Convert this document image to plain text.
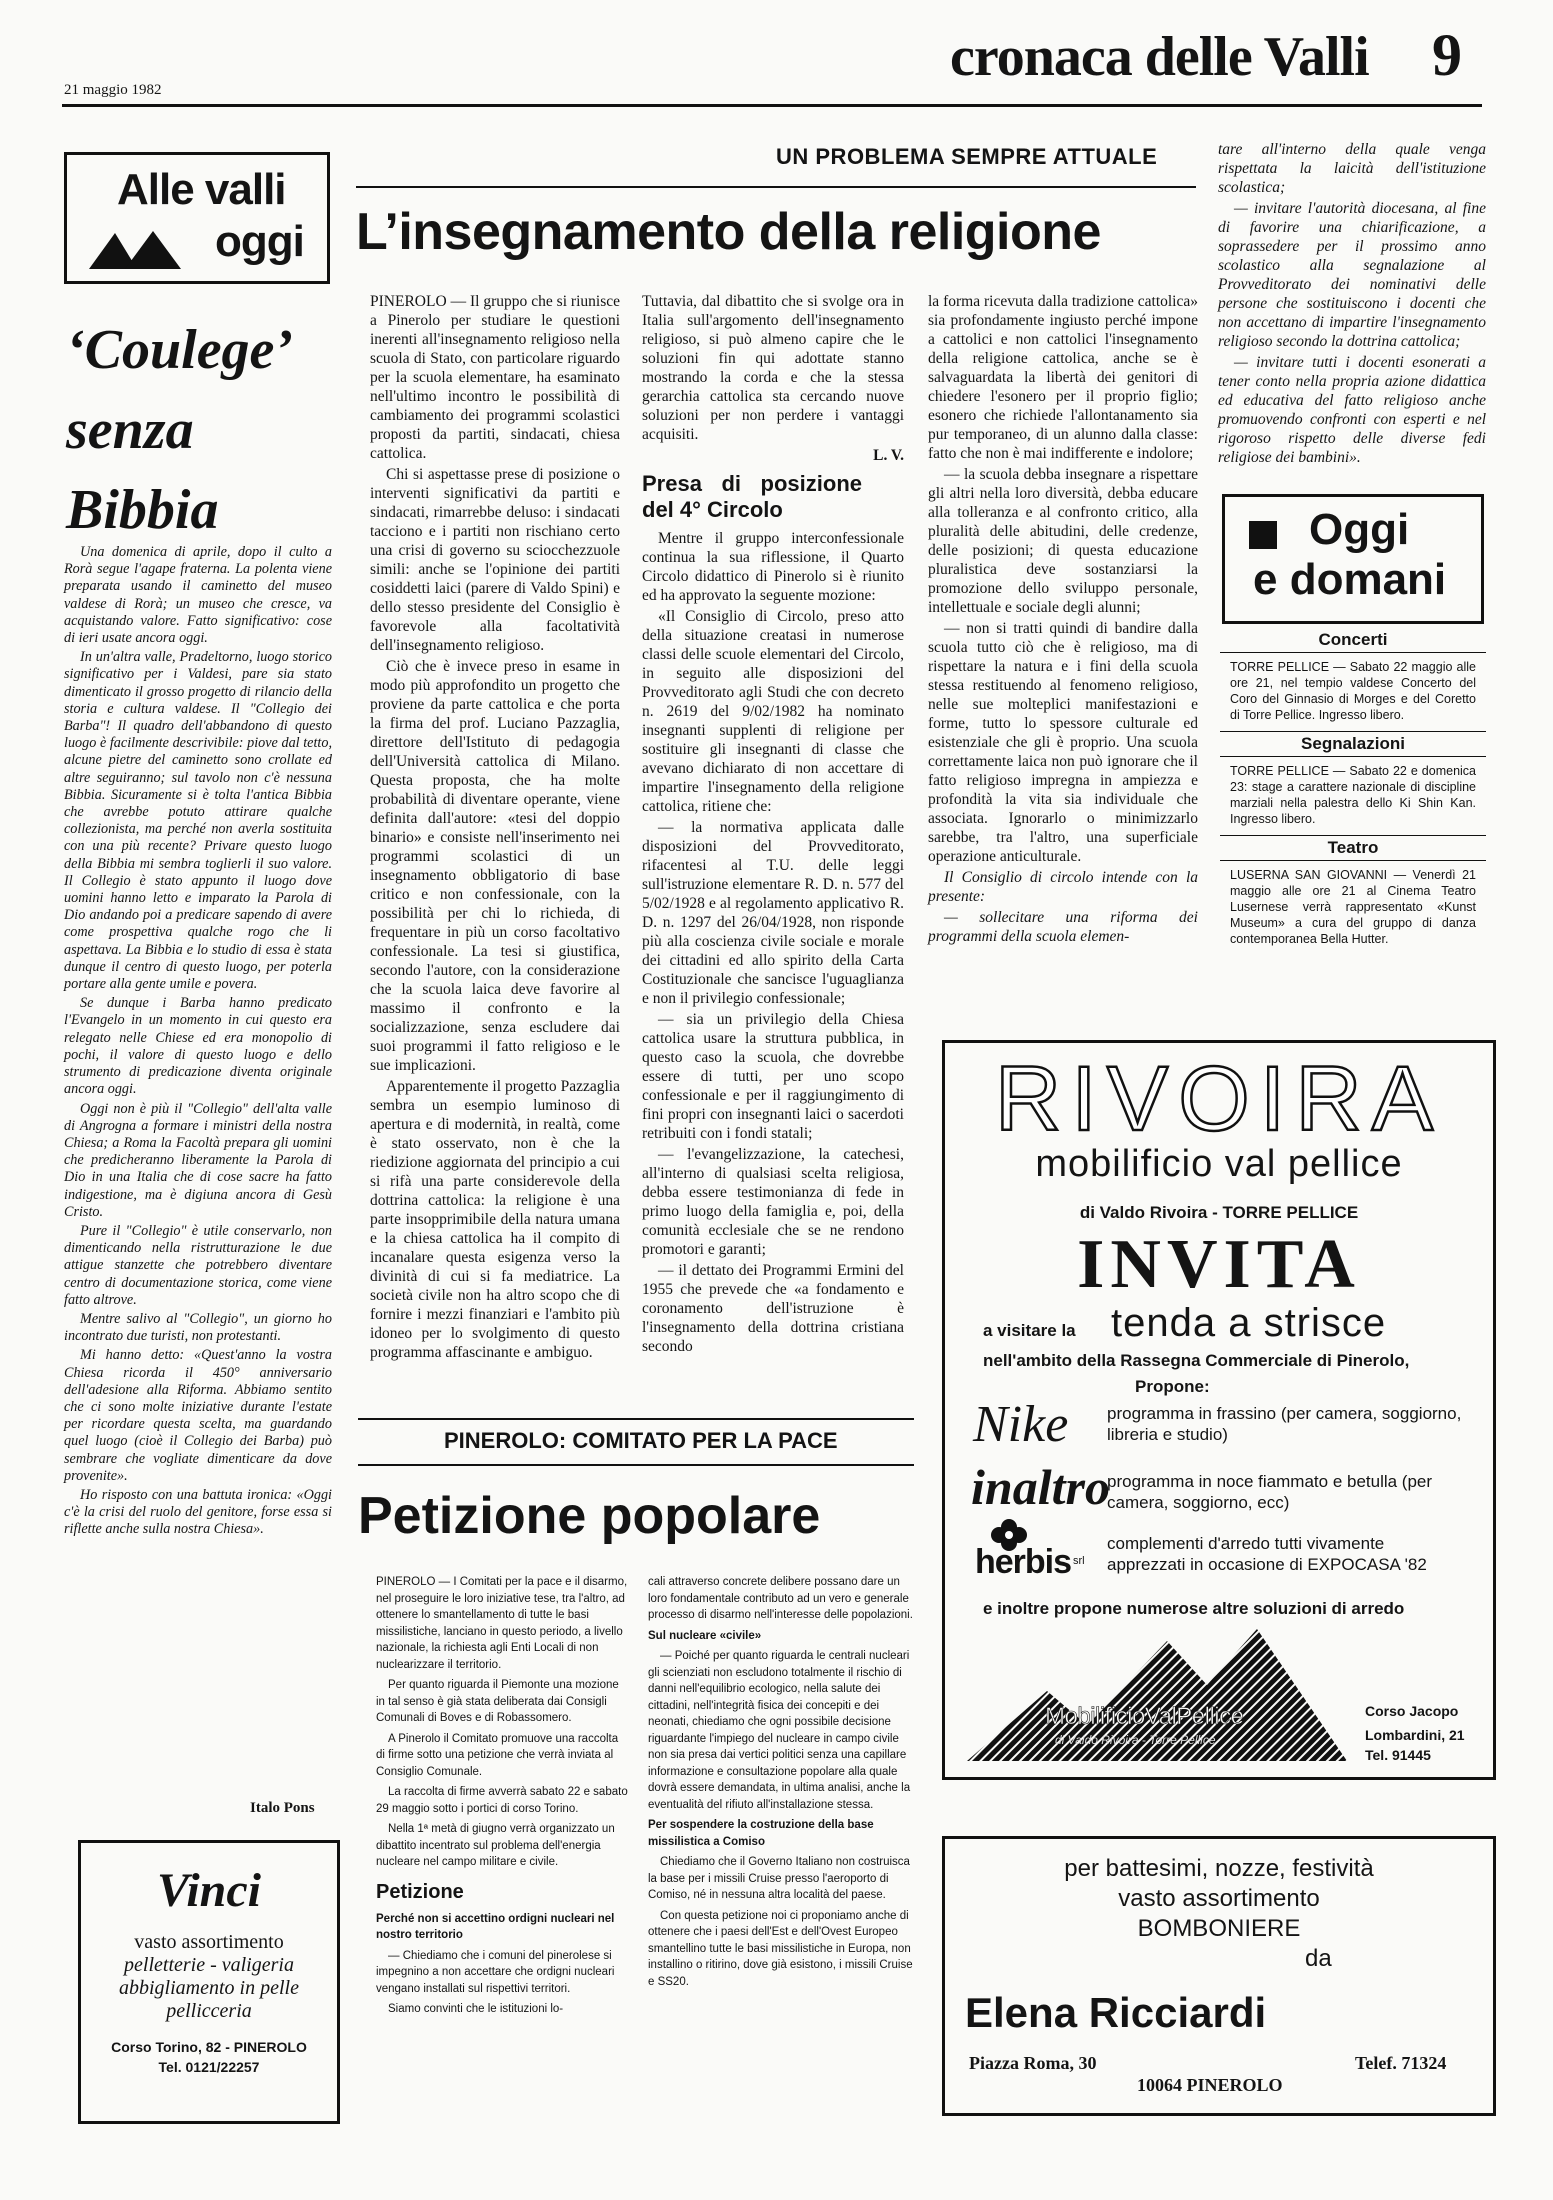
21 maggio 1982
cronaca delle Valli 9
Alle valli
oggi
‘Coulege’
senza
Bibbia

Una domenica di aprile, dopo il culto a Rorà segue l'agape fraterna. La polenta viene preparata usando il caminetto del museo valdese di Rorà; un museo che cresce, va acquistando valore. Fatto significativo: cose di ieri usate ancora oggi.

In un'altra valle, Pradeltorno, luogo storico significativo per i Valdesi, pare sia stato dimenticato il grosso progetto di rilancio della storia e cultura valdese. Il "Collegio dei Barba"! Il quadro dell'abbandono di questo luogo è facilmente descrivibile: piove dal tetto, alcune pietre del caminetto sono crollate ed altre seguiranno; sul tavolo non c'è nessuna Bibbia. Sicuramente si è tolta l'antica Bibbia che avrebbe potuto attirare qualche collezionista, ma perché non averla sostituita con una più recente? Privare questo luogo della Bibbia mi sembra toglierli il suo valore. Il Collegio è stato appunto il luogo dove uomini hanno letto e imparato la Parola di Dio andando poi a predicare sapendo di avere come prospettiva qualche rogo che li aspettava. La Bibbia e lo studio di essa è stata dunque il centro di questo luogo, per poterla portare alla gente umile e povera.

Se dunque i Barba hanno predicato l'Evangelo in un momento in cui questo era relegato nelle Chiese ed era monopolio di pochi, il valore di questo luogo e dello strumento di predicazione diventa originale ancora oggi.

Oggi non è più il "Collegio" dell'alta valle di Angrogna a formare i ministri della nostra Chiesa; a Roma la Facoltà prepara gli uomini che predicheranno liberamente la Parola di Dio in una Italia che di cose sacre ha fatto indigestione, ma è digiuna ancora di Gesù Cristo.

Pure il "Collegio" è utile conservarlo, non dimenticando nella ristrutturazione le due attigue stanzette che potrebbero diventare centro di documentazione storica, come viene fatto altrove.

Mentre salivo al "Collegio", un giorno ho incontrato due turisti, non protestanti.

Mi hanno detto: «Quest'anno la vostra Chiesa ricorda il 450° anniversario dell'adesione alla Riforma. Abbiamo sentito che ci sono molte iniziative durante l'estate per ricordare questa scelta, ma guardando quel luogo (cioè il Collegio dei Barba) può sembrare che vogliate dimenticare da dove provenite».

Ho risposto con una battuta ironica: «Oggi c'è la crisi del ruolo del genitore, forse essa si riflette anche sulla nostra Chiesa».

Italo Pons
Vinci
vasto assortimento
pelletterie - valigeria
abbigliamento in pelle
pellicceria
Corso Torino, 82 - PINEROLO
Tel. 0121/22257
UN PROBLEMA SEMPRE ATTUALE
L’insegnamento della religione

PINEROLO — Il gruppo che si riunisce a Pinerolo per studiare le questioni inerenti all'insegnamento religioso nella scuola di Stato, con particolare riguardo per la scuola elementare, ha esaminato nell'ultimo incontro le possibilità di cambiamento dei programmi scolastici proposti da partiti, sindacati, chiesa cattolica.

Chi si aspettasse prese di posizione o interventi significativi da partiti e sindacati, rimarrebbe deluso: i sindacati tacciono e i partiti non rischiano certo una crisi di governo su sciocchezzuole simili: anche se l'opinione dei partiti cosiddetti laici (parere di Valdo Spini) e dello stesso presidente del Consiglio è favorevole alla facoltatività dell'insegnamento religioso.

Ciò che è invece preso in esame in modo più approfondito un progetto che proviene da parte cattolica e che porta la firma del prof. Luciano Pazzaglia, direttore dell'Istituto di pedagogia dell'Università cattolica di Milano. Questa proposta, che ha molte probabilità di diventare operante, viene definita dall'autore: «tesi del doppio binario» e consiste nell'inserimento nei programmi scolastici di un insegnamento obbligatorio di base critico e non confessionale, con la possibilità per chi lo richieda, di frequentare in più un corso facoltativo confessionale. La tesi si giustifica, secondo l'autore, con la considerazione che la scuola laica deve favorire al massimo il confronto e la socializzazione, senza escludere dai suoi programmi il fatto religioso e le sue implicazioni.

Apparentemente il progetto Pazzaglia sembra un esempio luminoso di apertura e di modernità, in realtà, come è stato osservato, non è che la riedizione aggiornata del principio a cui si rifà una parte considerevole della dottrina cattolica: la religione è una parte insopprimibile della natura umana e la chiesa cattolica ha il compito di incanalare questa esigenza verso la divinità di cui si fa mediatrice. La società civile non ha altro scopo che di fornire i mezzi finanziari e l'ambito più idoneo per lo svolgimento di questo programma affascinante e ambiguo.

Tuttavia, dal dibattito che si svolge ora in Italia sull'argomento dell'insegnamento religioso, si può almeno capire che le soluzioni fin qui adottate stanno mostrando la corda e che la stessa gerarchia cattolica sta cercando nuove soluzioni per non perdere i vantaggi acquisiti.

L. V.
Presa di posizione del 4° Circolo

Mentre il gruppo interconfessionale continua la sua riflessione, il Quarto Circolo didattico di Pinerolo si è riunito ed ha approvato la seguente mozione:

«Il Consiglio di Circolo, preso atto della situazione creatasi in numerose classi delle scuole elementari del Circolo, in seguito alle disposizioni del Provveditorato agli Studi che con decreto n. 2619 del 9/02/1982 ha nominato insegnanti supplenti di religione per sostituire gli insegnanti di classe che avevano dichiarato di non accettare di impartire l'insegnamento della religione cattolica, ritiene che:

— la normativa applicata dalle disposizioni del Provveditorato, rifacentesi al T.U. delle leggi sull'istruzione elementare R. D. n. 577 del 5/02/1928 e al regolamento applicativo R. D. n. 1297 del 26/04/1928, non risponde più alla coscienza civile sociale e morale dei cittadini ed allo spirito della Carta Costituzionale che sancisce l'uguaglianza e non il privilegio confessionale;

— sia un privilegio della Chiesa cattolica usare la struttura pubblica, in questo caso la scuola, che dovrebbe essere di tutti, per uno scopo confessionale e per il raggiungimento di fini propri con insegnanti laici o sacerdoti retribuiti con i fondi statali;

— l'evangelizzazione, la catechesi, all'interno di qualsiasi scelta religiosa, debba essere testimonianza di fede in primo luogo della famiglia e, poi, della comunità ecclesiale che se ne rendono promotori e garanti;

— il dettato dei Programmi Ermini del 1955 che prevede che «a fondamento e coronamento dell'istruzione è l'insegnamento della dottrina cristiana secondo

la forma ricevuta dalla tradizione cattolica» sia profondamente ingiusto perché impone a cattolici e non cattolici l'insegnamento della religione cattolica, anche se è salvaguardata la libertà dei genitori di chiedere l'esonero per il proprio figlio; esonero che richiede l'allontanamento sia pur temporaneo, di un alunno dalla classe: fatto che non è mai indifferente e indolore;

— la scuola debba insegnare a rispettare gli altri nella loro diversità, debba educare alla tolleranza e al confronto critico, alla pluralità delle abitudini, delle credenze, delle posizioni; di questa educazione pluralistica deve sostanziarsi la promozione dello sviluppo personale, intellettuale e sociale degli alunni;

— non si tratti quindi di bandire dalla scuola tutto ciò che è religioso, ma di rispettare la natura e i fini della scuola stessa restituendo al fenomeno religioso, nelle sue molteplici manifestazioni e forme, tutto lo spessore culturale ed esistenziale che gli è proprio. Una scuola correttamente laica non può ignorare che il fatto religioso impregna in ampiezza e profondità la vita sia individuale che associata. Ignorarlo o minimizzarlo sarebbe, tra l'altro, una superficiale operazione anticulturale.

Il Consiglio di circolo intende con la presente:

— sollecitare una riforma dei programmi della scuola elemen-

tare all'interno della quale venga rispettata la laicità dell'istituzione scolastica;

— invitare l'autorità diocesana, al fine di favorire una chiarificazione, a soprassedere per il prossimo anno scolastico alla segnalazione al Provveditorato dei nominativi delle persone che sostituiscono i docenti che non accettano di impartire l'insegnamento religioso secondo la dottrina cattolica;

— invitare tutti i docenti esonerati a tener conto nella propria azione didattica ed educativa del fatto religioso anche promuovendo confronti con esperti e nel rigoroso rispetto delle diverse fedi religiose dei bambini».

Oggi
e domani
Concerti

TORRE PELLICE — Sabato 22 maggio alle ore 21, nel tempio valdese Concerto del Coro del Ginnasio di Morges e del Coretto di Torre Pellice. Ingresso libero.

Segnalazioni

TORRE PELLICE — Sabato 22 e domenica 23: stage a carattere nazionale di discipline marziali nella palestra dello Ki Shin Kan. Ingresso libero.

Teatro

LUSERNA SAN GIOVANNI — Venerdì 21 maggio alle ore 21 al Cinema Teatro Lusernese verrà rappresentato «Kunst Museum» a cura del gruppo di danza contemporanea Bella Hutter.

PINEROLO: COMITATO PER LA PACE
Petizione popolare

PINEROLO — I Comitati per la pace e il disarmo, nel proseguire le loro iniziative tese, tra l'altro, ad ottenere lo smantellamento di tutte le basi missilistiche, lanciano in questo periodo, a livello nazionale, la richiesta agli Enti Locali di non nuclearizzare il territorio.

Per quanto riguarda il Piemonte una mozione in tal senso è già stata deliberata dai Consigli Comunali di Boves e di Robassomero.

A Pinerolo il Comitato promuove una raccolta di firme sotto una petizione che verrà inviata al Consiglio Comunale.

La raccolta di firme avverrà sabato 22 e sabato 29 maggio sotto i portici di corso Torino.

Nella 1ª metà di giugno verrà organizzato un dibattito incentrato sul problema dell'energia nucleare nel campo militare e civile.

Petizione

Perché non si accettino ordigni nucleari nel nostro territorio

— Chiediamo che i comuni del pinerolese si impegnino a non accettare che ordigni nucleari vengano installati sul rispettivi territori.

Siamo convinti che le istituzioni lo-

cali attraverso concrete delibere possano dare un loro fondamentale contributo ad un vero e generale processo di disarmo nell'interesse delle popolazioni.

Sul nucleare «civile»

— Poiché per quanto riguarda le centrali nucleari gli scienziati non escludono totalmente il rischio di danni nell'equilibrio ecologico, nella salute dei cittadini, nell'integrità fisica dei concepiti e dei neonati, chiediamo che ogni possibile decisione riguardante l'impiego del nucleare in campo civile non sia presa dai vertici politici senza una capillare informazione e consultazione popolare alla quale dovrà essere demandata, in ultima analisi, anche la eventualità del rifiuto all'installazione stessa.

Per sospendere la costruzione della base missilistica a Comiso

Chiediamo che il Governo Italiano non costruisca la base per i missili Cruise presso l'aeroporto di Comiso, né in nessuna altra località del paese.

Con questa petizione noi ci proponiamo anche di ottenere che i paesi dell'Est e dell'Ovest Europeo smantellino tutte le basi missilistiche in Europa, non installino o ritirino, dove già esistono, i missili Cruise e SS20.

RIVOIRA
mobilificio val pellice
di Valdo Rivoira - TORRE PELLICE
INVITA
a visitare la tenda a strisce
nell'ambito della Rassegna Commerciale di Pinerolo,
Propone:
Nike
inaltro
herbis srl
programma in frassino (per camera, soggiorno, libreria e studio)
programma in noce fiammato e betulla (per camera, soggiorno, ecc)
complementi d'arredo tutti vivamente apprezzati in occasione di EXPOCASA '82
e inoltre propone numerose altre soluzioni di arredo
MobilificioValPellice
di Valdo Rivoira - Torre Pellice
Corso Jacopo
Lombardini, 21
Tel. 91445
per battesimi, nozze, festività
vasto assortimento
BOMBONIERE
da
Elena Ricciardi
Piazza Roma, 30
10064 PINEROLO
Telef. 71324
